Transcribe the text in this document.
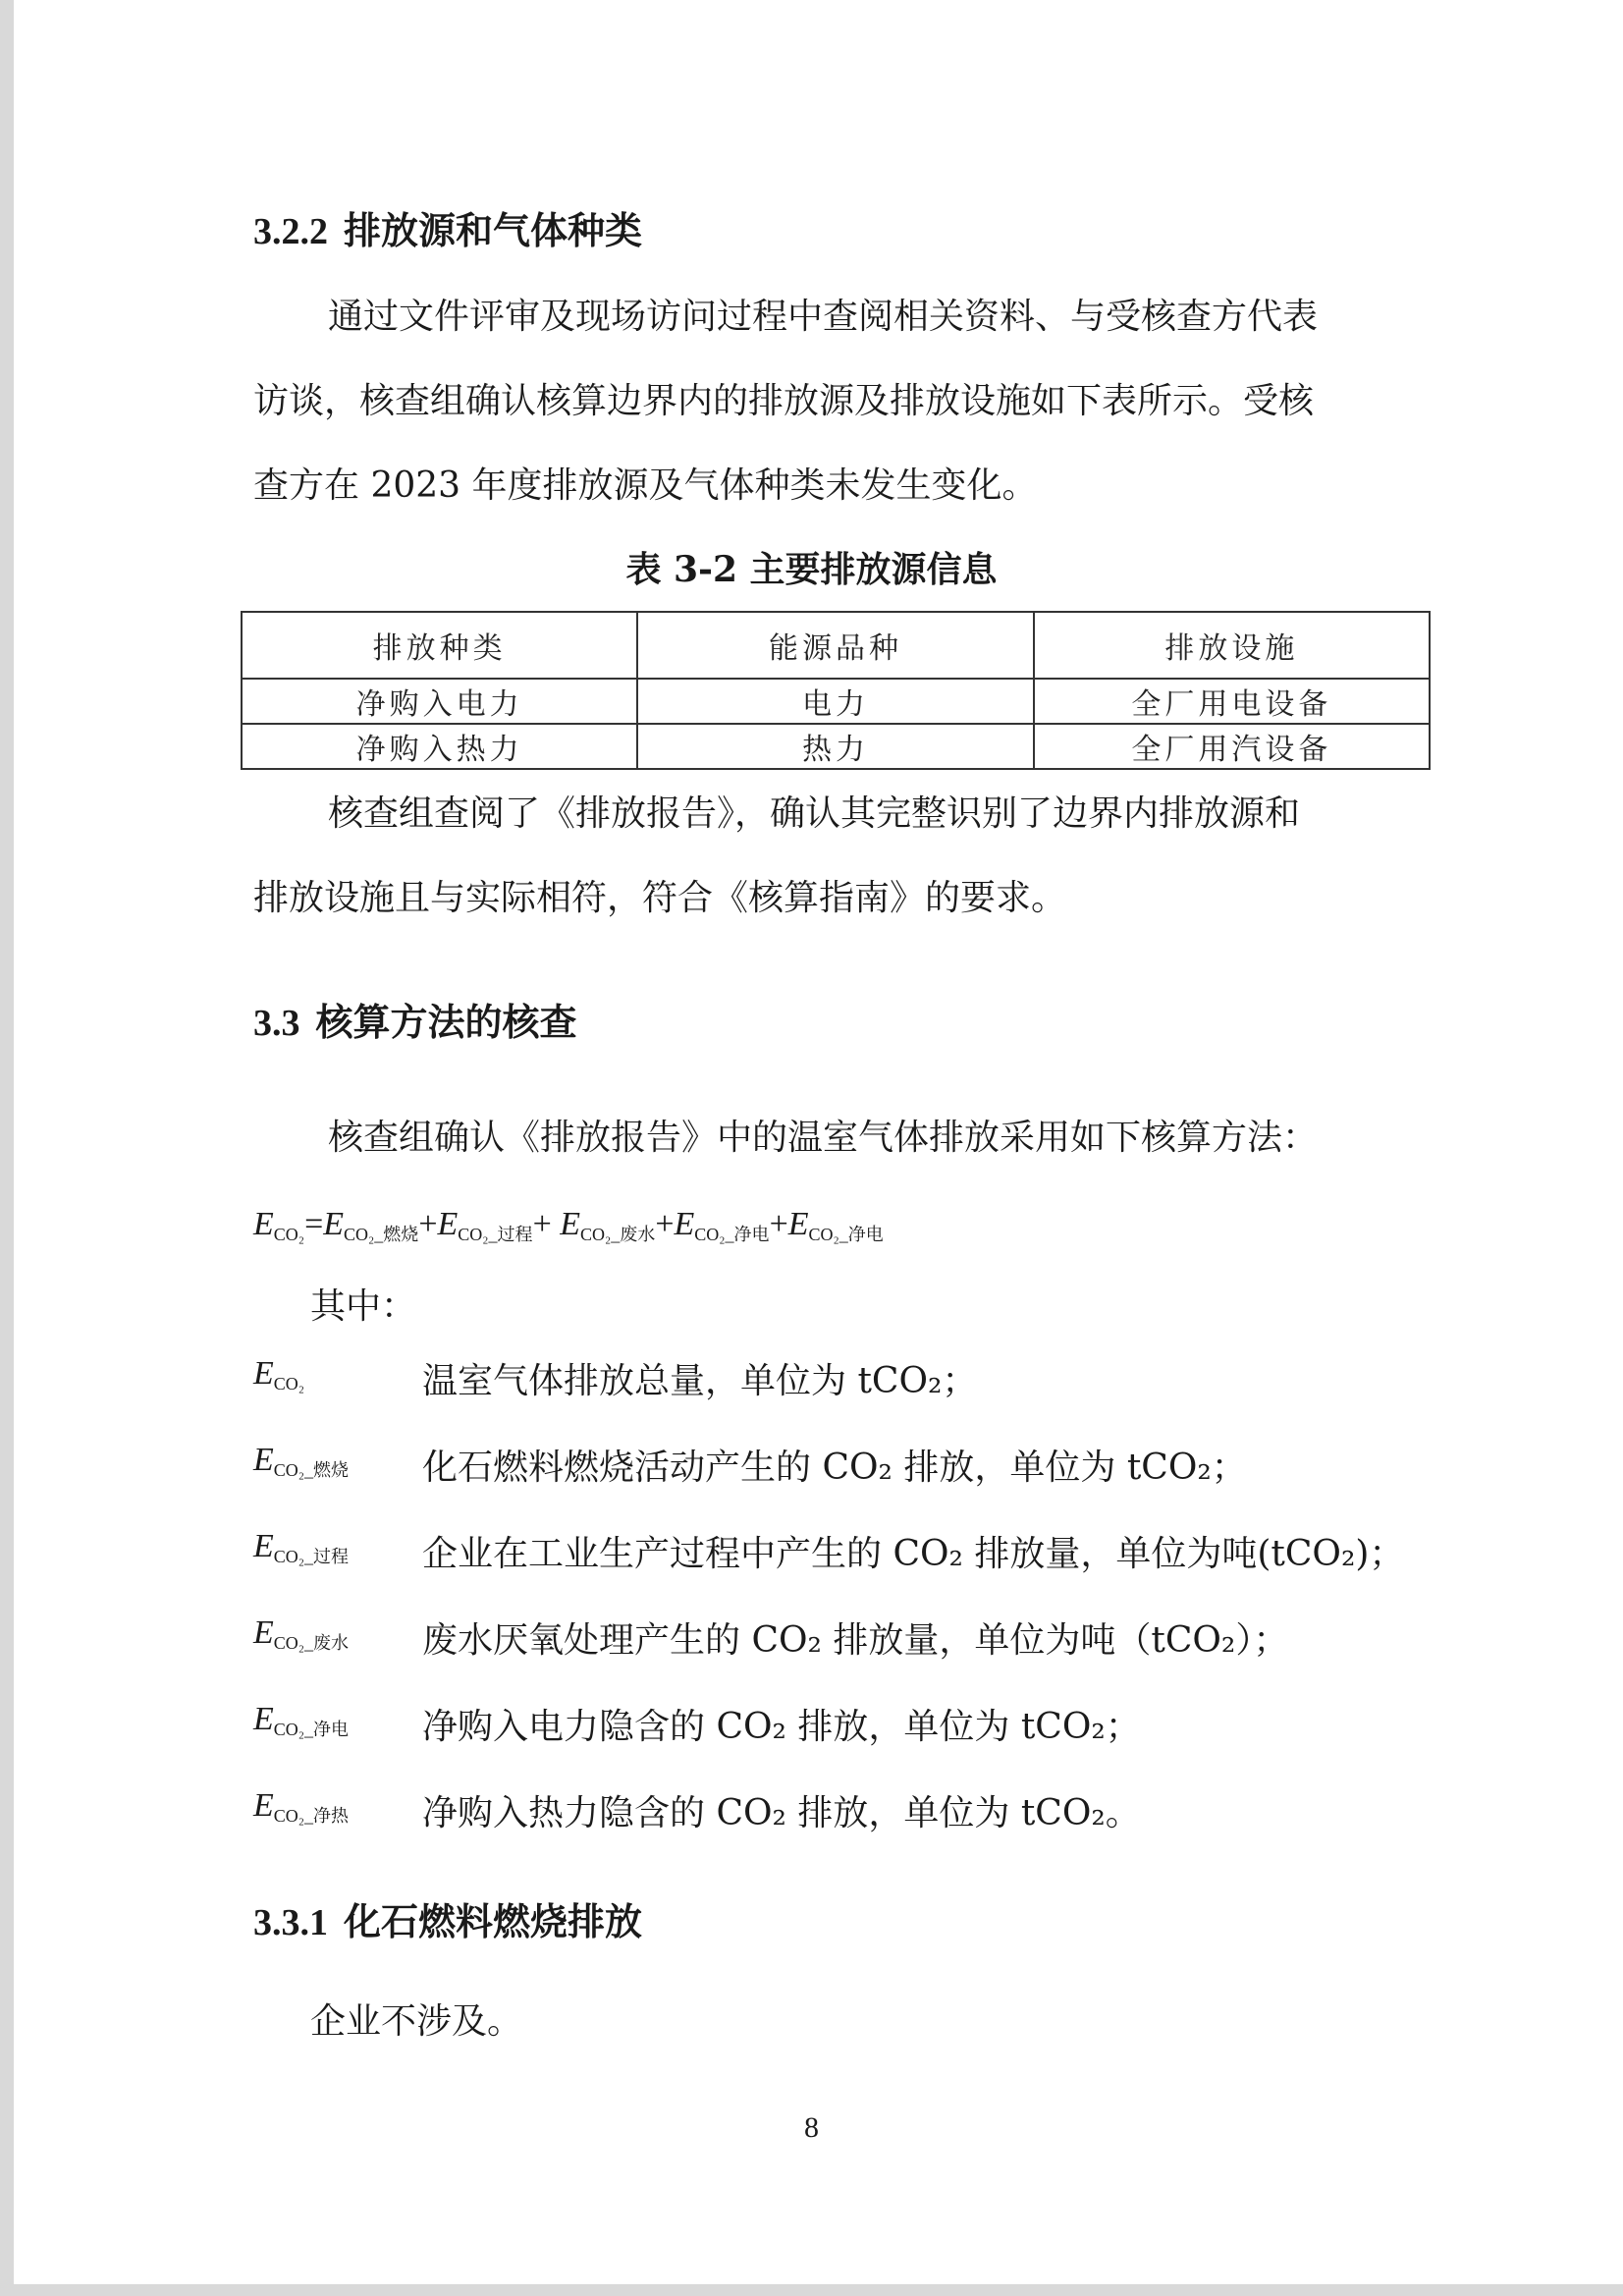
3.2.2 排放源和气体种类
通过文件评审及现场访问过程中查阅相关资料、与受核查方代表
访谈，核查组确认核算边界内的排放源及排放设施如下表所示。受核
查方在 2023 年度排放源及气体种类未发生变化。
表 3-2 主要排放源信息
排放种类	能源品种	排放设施
净购入电力	电力	全厂用电设备
净购入热力	热力	全厂用汽设备
核查组查阅了《排放报告》，确认其完整识别了边界内排放源和
排放设施且与实际相符，符合《核算指南》的要求。
3.3 核算方法的核查
核查组确认《排放报告》中的温室气体排放采用如下核算方法：
$E_{CO_2}=E_{CO_2\_燃烧}+E_{CO_2\_过程}+ E_{CO_2\_废水}+E_{CO_2\_净电}+E_{CO_2\_净电}$
其中：
$E_{CO_2}$	温室气体排放总量，单位为 tCO₂；
$E_{CO_2\_燃烧}$ 化石燃料燃烧活动产生的 CO₂ 排放，单位为 tCO₂；
$E_{CO_2\_过程}$ 企业在工业生产过程中产生的 CO₂ 排放量，单位为吨(tCO₂)；
$E_{CO_2\_废水}$ 废水厌氧处理产生的 CO₂ 排放量，单位为吨（tCO₂）；
$E_{CO_2\_净电}$ 净购入电力隐含的 CO₂ 排放，单位为 tCO₂；
$E_{CO_2\_净热}$ 净购入热力隐含的 CO₂ 排放，单位为 tCO₂。
3.3.1 化石燃料燃烧排放
企业不涉及。
8
